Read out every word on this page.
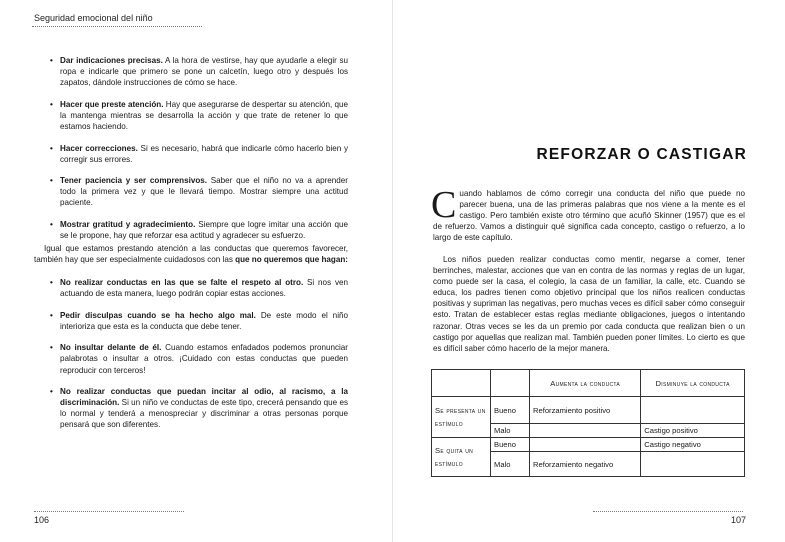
Seguridad emocional del niño
• Dar indicaciones precisas. A la hora de vestirse, hay que ayudarle a elegir su ropa e indicarle que primero se pone un calcetín, luego otro y después los zapatos, dándole instrucciones de cómo se hace.
• Hacer que preste atención. Hay que asegurarse de despertar su atención, que la mantenga mientras se desarrolla la acción y que trate de retener lo que estamos haciendo.
• Hacer correcciones. Si es necesario, habrá que indicarle cómo hacerlo bien y corregir sus errores.
• Tener paciencia y ser comprensivos. Saber que el niño no va a aprender todo la primera vez y que le llevará tiempo. Mostrar siempre una actitud paciente.
• Mostrar gratitud y agradecimiento. Siempre que logre imitar una acción que se le propone, hay que reforzar esa actitud y agradecer su esfuerzo.
Igual que estamos prestando atención a las conductas que queremos favorecer, también hay que ser especialmente cuidadosos con las que no queremos que hagan:
• No realizar conductas en las que se falte el respeto al otro. Si nos ven actuando de esta manera, luego podrán copiar estas acciones.
• Pedir disculpas cuando se ha hecho algo mal. De este modo el niño interioriza que esta es la conducta que debe tener.
• No insultar delante de él. Cuando estamos enfadados podemos pronunciar palabrotas o insultar a otros. ¡Cuidado con estas conductas que pueden reproducir con terceros!
• No realizar conductas que puedan incitar al odio, al racismo, a la discriminación. Si un niño ve conductas de este tipo, crecerá pensando que es lo normal y tenderá a menospreciar y discriminar a otras personas porque pensará que son diferentes.
106
REFORZAR O CASTIGAR
Cuando hablamos de cómo corregir una conducta del niño que puede no parecer buena, una de las primeras palabras que nos viene a la mente es el castigo. Pero también existe otro término que acuñó Skinner (1957) que es el de refuerzo. Vamos a distinguir qué significa cada concepto, castigo o refuerzo, a lo largo de este capítulo.
Los niños pueden realizar conductas como mentir, negarse a comer, tener berrinches, malestar, acciones que van en contra de las normas y reglas de un lugar, como puede ser la casa, el colegio, la casa de un familiar, la calle, etc. Cuando se educa, los padres tienen como objetivo principal que los niños realicen conductas positivas y supriman las negativas, pero muchas veces es difícil saber cómo conseguir esto. Tratan de establecer estas reglas mediante obligaciones, juegos o intentando razonar. Otras veces se les da un premio por cada conducta que realizan bien o un castigo por aquellas que realizan mal. También pueden poner límites. Lo cierto es que es difícil saber cómo hacerlo de la mejor manera.
		Aumenta la conducta	Disminuye la conducta
Se presenta un estímulo	Bueno	Reforzamiento positivo	
	Malo		Castigo positivo
Se quita un estímulo	Bueno		Castigo negativo
	Malo	Reforzamiento negativo	
107
